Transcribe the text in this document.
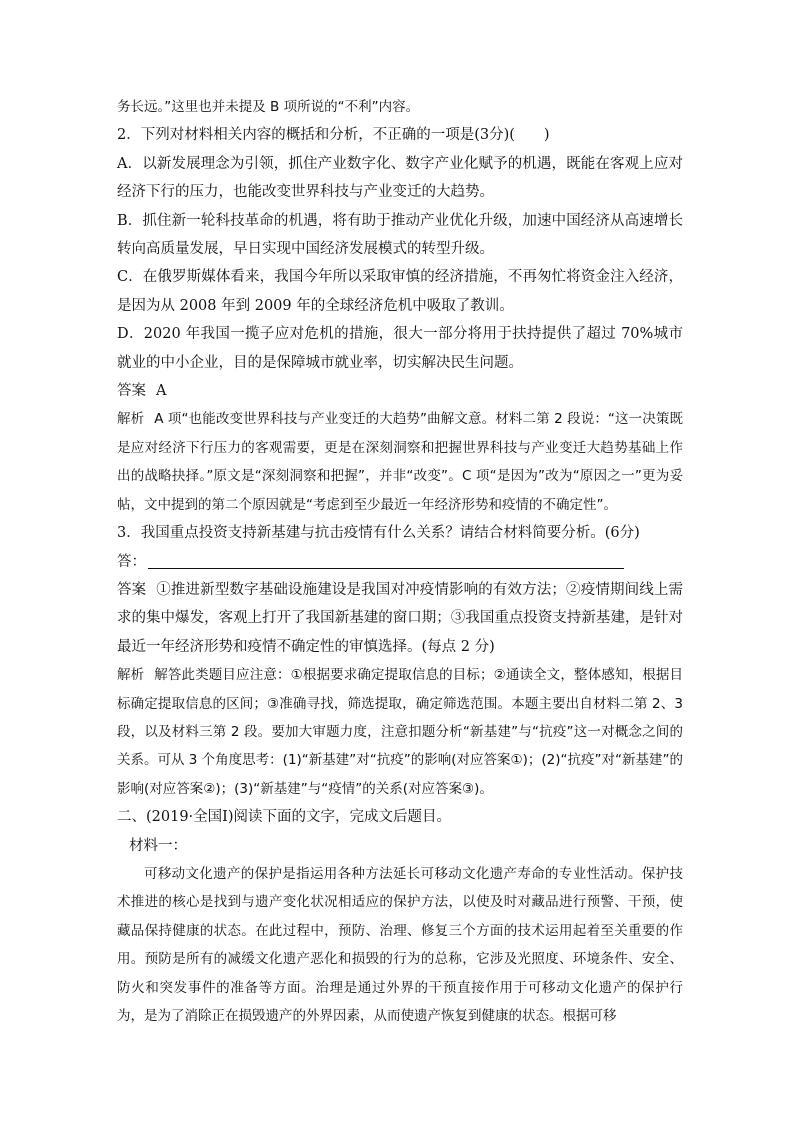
务长远。”这里也并未提及 B 项所说的“不利”内容。

2．下列对材料相关内容的概括和分析，不正确的一项是(3分)(　　)

A．以新发展理念为引领，抓住产业数字化、数字产业化赋予的机遇，既能在客观上应对经济下行的压力，也能改变世界科技与产业变迁的大趋势。

B．抓住新一轮科技革命的机遇，将有助于推动产业优化升级，加速中国经济从高速增长转向高质量发展，早日实现中国经济发展模式的转型升级。

C．在俄罗斯媒体看来，我国今年所以采取审慎的经济措施，不再匆忙将资金注入经济，是因为从 2008 年到 2009 年的全球经济危机中吸取了教训。

D．2020 年我国一揽子应对危机的措施，很大一部分将用于扶持提供了超过 70%城市就业的中小企业，目的是保障城市就业率，切实解决民生问题。

答案 A

解析 A 项“也能改变世界科技与产业变迁的大趋势”曲解文意。材料二第 2 段说：“这一决策既是应对经济下行压力的客观需要，更是在深刻洞察和把握世界科技与产业变迁大趋势基础上作出的战略抉择。”原文是“深刻洞察和把握”，并非“改变”。C 项“是因为”改为“原因之一”更为妥帖，文中提到的第二个原因就是“考虑到至少最近一年经济形势和疫情的不确定性”。

3．我国重点投资支持新基建与抗击疫情有什么关系？请结合材料简要分析。(6分)

答：

答案 ①推进新型数字基础设施建设是我国对冲疫情影响的有效方法；②疫情期间线上需求的集中爆发，客观上打开了我国新基建的窗口期；③我国重点投资支持新基建，是针对最近一年经济形势和疫情不确定性的审慎选择。(每点 2 分)

解析 解答此类题目应注意：①根据要求确定提取信息的目标；②通读全文，整体感知，根据目标确定提取信息的区间；③准确寻找，筛选提取，确定筛选范围。本题主要出自材料二第 2、3 段，以及材料三第 2 段。要加大审题力度，注意扣题分析“新基建”与“抗疫”这一对概念之间的关系。可从 3 个角度思考：(1)“新基建”对“抗疫”的影响(对应答案①)；(2)“抗疫”对“新基建”的影响(对应答案②)；(3)“新基建”与“疫情”的关系(对应答案③)。

二、(2019·全国Ⅰ)阅读下面的文字，完成文后题目。

材料一：

可移动文化遗产的保护是指运用各种方法延长可移动文化遗产寿命的专业性活动。保护技术推进的核心是找到与遗产变化状况相适应的保护方法，以使及时对藏品进行预警、干预，使藏品保持健康的状态。在此过程中，预防、治理、修复三个方面的技术运用起着至关重要的作用。预防是所有的减缓文化遗产恶化和损毁的行为的总称，它涉及光照度、环境条件、安全、防火和突发事件的准备等方面。治理是通过外界的干预直接作用于可移动文化遗产的保护行为，是为了消除正在损毁遗产的外界因素，从而使遗产恢复到健康的状态。根据可移
